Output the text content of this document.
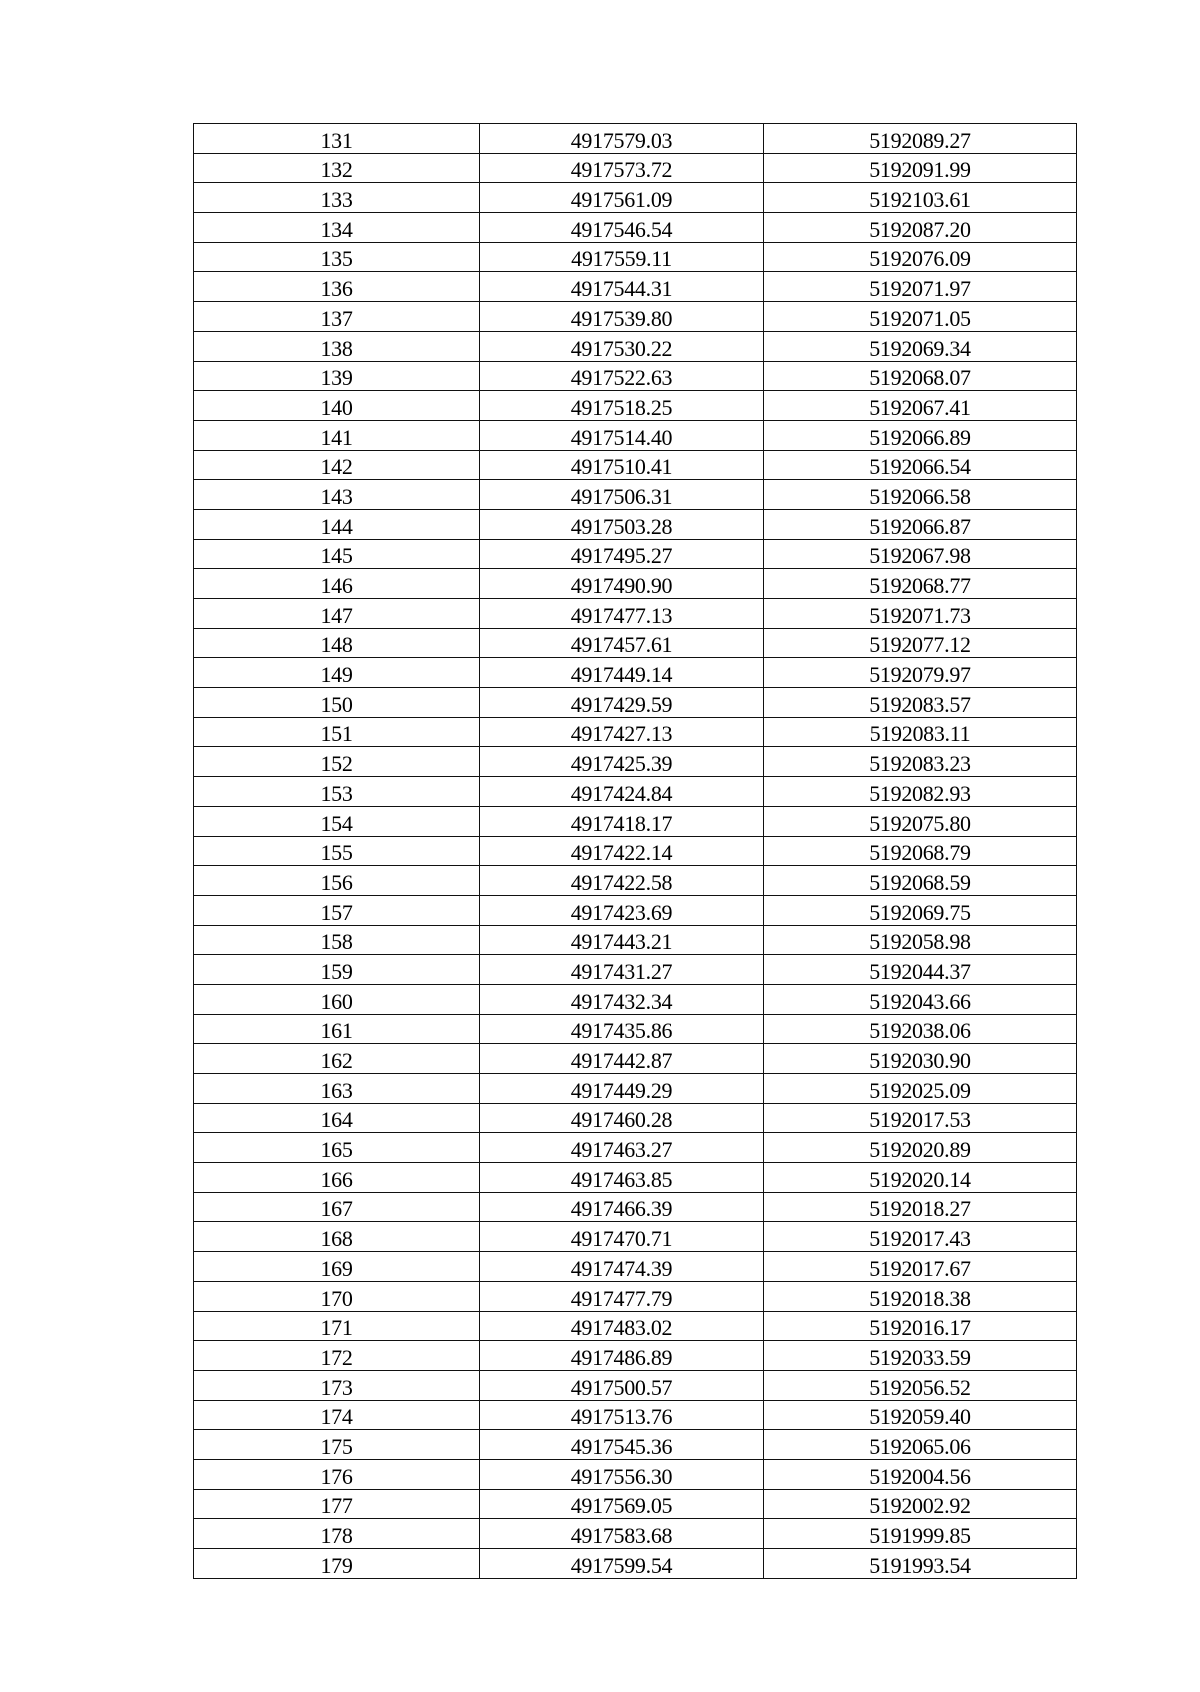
131	4917579.03	5192089.27
132	4917573.72	5192091.99
133	4917561.09	5192103.61
134	4917546.54	5192087.20
135	4917559.11	5192076.09
136	4917544.31	5192071.97
137	4917539.80	5192071.05
138	4917530.22	5192069.34
139	4917522.63	5192068.07
140	4917518.25	5192067.41
141	4917514.40	5192066.89
142	4917510.41	5192066.54
143	4917506.31	5192066.58
144	4917503.28	5192066.87
145	4917495.27	5192067.98
146	4917490.90	5192068.77
147	4917477.13	5192071.73
148	4917457.61	5192077.12
149	4917449.14	5192079.97
150	4917429.59	5192083.57
151	4917427.13	5192083.11
152	4917425.39	5192083.23
153	4917424.84	5192082.93
154	4917418.17	5192075.80
155	4917422.14	5192068.79
156	4917422.58	5192068.59
157	4917423.69	5192069.75
158	4917443.21	5192058.98
159	4917431.27	5192044.37
160	4917432.34	5192043.66
161	4917435.86	5192038.06
162	4917442.87	5192030.90
163	4917449.29	5192025.09
164	4917460.28	5192017.53
165	4917463.27	5192020.89
166	4917463.85	5192020.14
167	4917466.39	5192018.27
168	4917470.71	5192017.43
169	4917474.39	5192017.67
170	4917477.79	5192018.38
171	4917483.02	5192016.17
172	4917486.89	5192033.59
173	4917500.57	5192056.52
174	4917513.76	5192059.40
175	4917545.36	5192065.06
176	4917556.30	5192004.56
177	4917569.05	5192002.92
178	4917583.68	5191999.85
179	4917599.54	5191993.54
